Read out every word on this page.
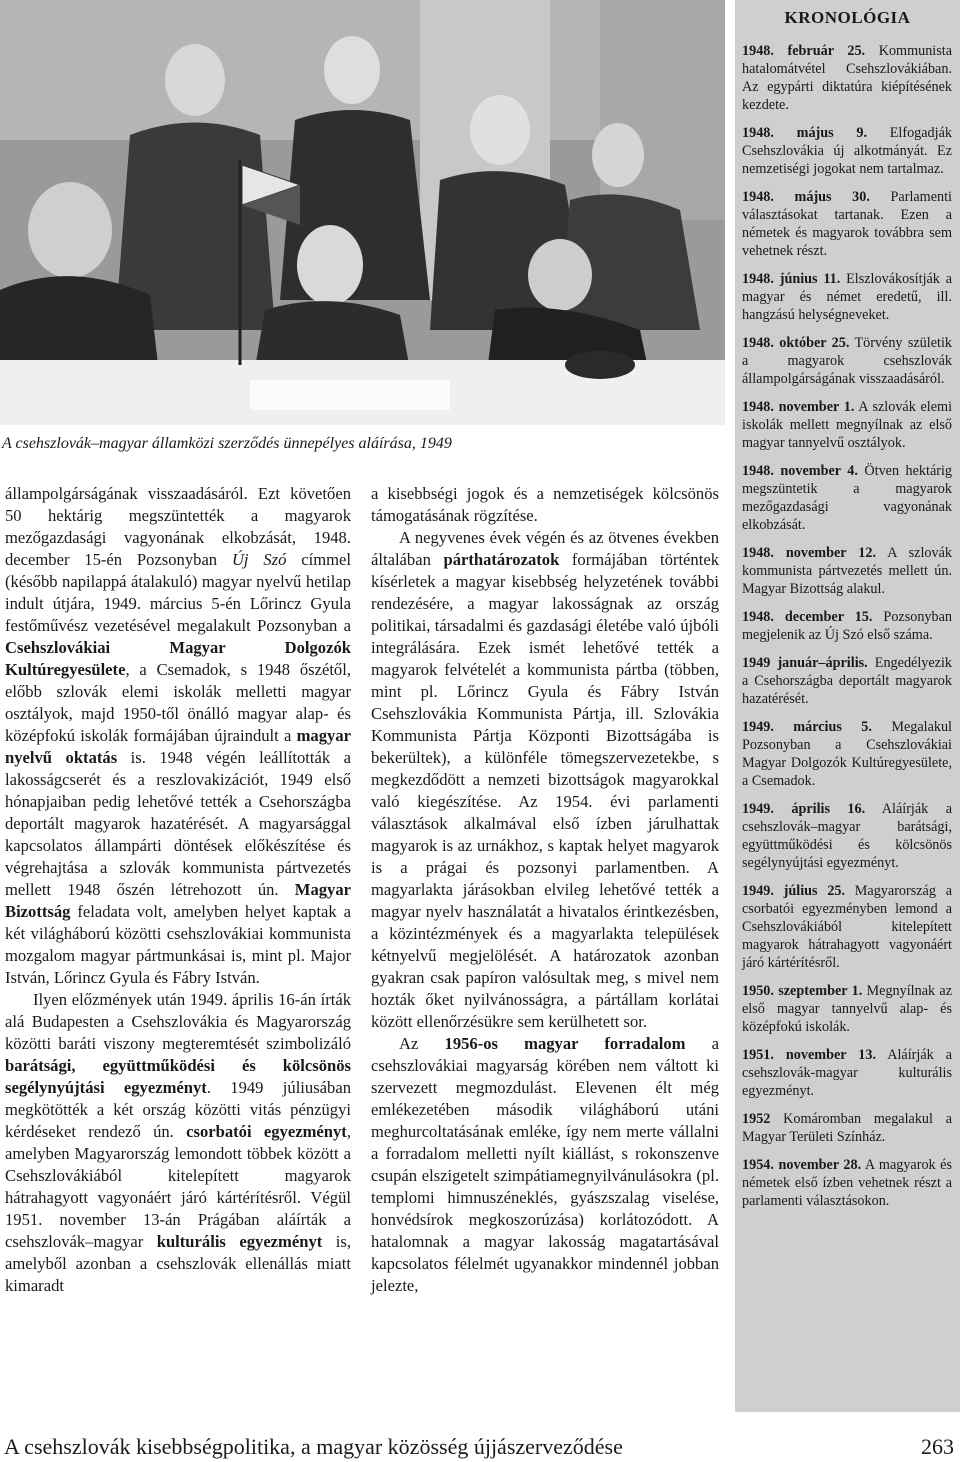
A csehszlovák–magyar államközi szerződés ünnepélyes aláírása, 1949

állampolgárságának visszaadásáról. Ezt követően 50 hektárig megszüntették a magyarok mezőgazdasági vagyonának elkobzását, 1948. december 15-én Pozsonyban Új Szó címmel (később napilappá átalakuló) magyar nyelvű hetilap indult útjára, 1949. március 5-én Lőrincz Gyula festőművész vezetésével megalakult Pozsonyban a Csehszlovákiai Magyar Dolgozók Kultúregyesülete, a Csemadok, s 1948 őszétől, előbb szlovák elemi iskolák melletti magyar osztályok, majd 1950-től önálló magyar alap- és középfokú iskolák formájában újraindult a magyar nyelvű oktatás is. 1948 végén leállították a lakosságcserét és a reszlovakizációt, 1949 első hónapjaiban pedig lehetővé tették a Csehországba deportált magyarok hazatérését. A magyarsággal kapcsolatos állampárti döntések előkészítése és végrehajtása a szlovák kommunista pártvezetés mellett 1948 őszén létrehozott ún. Magyar Bizottság feladata volt, amelyben helyet kaptak a két világháború közötti csehszlovákiai kommunista mozgalom magyar pártmunkásai is, mint pl. Major István, Lőrincz Gyula és Fábry István.

Ilyen előzmények után 1949. április 16-án írták alá Budapesten a Csehszlovákia és Magyarország közötti baráti viszony megteremtését szimbolizáló barátsági, együttműködési és kölcsönös segélynyújtási egyezményt. 1949 júliusában megkötötték a két ország közötti vitás pénzügyi kérdéseket rendező ún. csorbatói egyezményt, amelyben Magyarország lemondott többek között a Csehszlovákiából kitelepített magyarok hátrahagyott vagyonáért járó kártérítésről. Végül 1951. november 13-án Prágában aláírták a csehszlovák–magyar kulturális egyezményt is, amelyből azonban a csehszlovák ellenállás miatt kimaradt

a kisebbségi jogok és a nemzetiségek kölcsönös támogatásának rögzítése.

A negyvenes évek végén és az ötvenes években általában párthatározatok formájában történtek kísérletek a magyar kisebbség helyzetének további rendezésére, a magyar lakosságnak az ország politikai, társadalmi és gazdasági életébe való újbóli integrálására. Ezek ismét lehetővé tették a magyarok felvételét a kommunista pártba (többen, mint pl. Lőrincz Gyula és Fábry István Csehszlovákia Kommunista Pártja, ill. Szlovákia Kommunista Pártja Központi Bizottságába is bekerültek), a különféle tömegszervezetekbe, s megkezdődött a nemzeti bizottságok magyarokkal való kiegészítése. Az 1954. évi parlamenti választások alkalmával első ízben járulhattak magyarok is az urnákhoz, s kaptak helyet magyarok is a prágai és pozsonyi parlamentben. A magyarlakta járásokban elvileg lehetővé tették a magyar nyelv használatát a hivatalos érintkezésben, a közintézmények és a magyarlakta települések kétnyelvű megjelölését. A határozatok azonban gyakran csak papíron valósultak meg, s mivel nem hozták őket nyilvánosságra, a pártállam korlátai között ellenőrzésükre sem kerülhetett sor.

Az 1956-os magyar forradalom a csehszlovákiai magyarság körében nem váltott ki szervezett megmozdulást. Elevenen élt még emlékezetében második világháború utáni meghurcoltatásának emléke, így nem merte vállalni a forradalom melletti nyílt kiállást, s rokonszenve csupán elszigetelt szimpátiamegnyilvánulásokra (pl. templomi himnuszéneklés, gyászszalag viselése, honvédsírok megkoszorúzása) korlátozódott. A hatalomnak a magyar lakosság magatartásával kapcsolatos félelmét ugyanakkor mindennél jobban jelezte,

KRONOLÓGIA
1948. február 25. Kommunista hatalomátvétel Csehszlovákiában. Az egypárti diktatúra kiépítésének kezdete.
1948. május 9. Elfogadják Csehszlovákia új alkotmányát. Ez nemzetiségi jogokat nem tartalmaz.
1948. május 30. Parlamenti választásokat tartanak. Ezen a németek és magyarok továbbra sem vehetnek részt.
1948. június 11. Elszlovákosítják a magyar és német eredetű, ill. hangzású helységneveket.
1948. október 25. Törvény születik a magyarok csehszlovák állampolgárságának visszaadásáról.
1948. november 1. A szlovák elemi iskolák mellett megnyílnak az első magyar tannyelvű osztályok.
1948. november 4. Ötven hektárig megszüntetik a magyarok mezőgazdasági vagyonának elkobzását.
1948. november 12. A szlovák kommunista pártvezetés mellett ún. Magyar Bizottság alakul.
1948. december 15. Pozsonyban megjelenik az Új Szó első száma.
1949 január–április. Engedélyezik a Csehországba deportált magyarok hazatérését.
1949. március 5. Megalakul Pozsonyban a Csehszlovákiai Magyar Dolgozók Kultúregyesülete, a Csemadok.
1949. április 16. Aláírják a csehszlovák–magyar barátsági, együttműködési és kölcsönös segélynyújtási egyezményt.
1949. július 25. Magyarország a csorbatói egyezményben lemond a Csehszlovákiából kitelepített magyarok hátrahagyott vagyonáért járó kártérítésről.
1950. szeptember 1. Megnyílnak az első magyar tannyelvű alap- és középfokú iskolák.
1951. november 13. Aláírják a csehszlovák-magyar kulturális egyezményt.
1952 Komáromban megalakul a Magyar Területi Színház.
1954. november 28. A magyarok és németek első ízben vehetnek részt a parlamenti választásokon.
A csehszlovák kisebbségpolitika, a magyar közösség újjászerveződése	263
